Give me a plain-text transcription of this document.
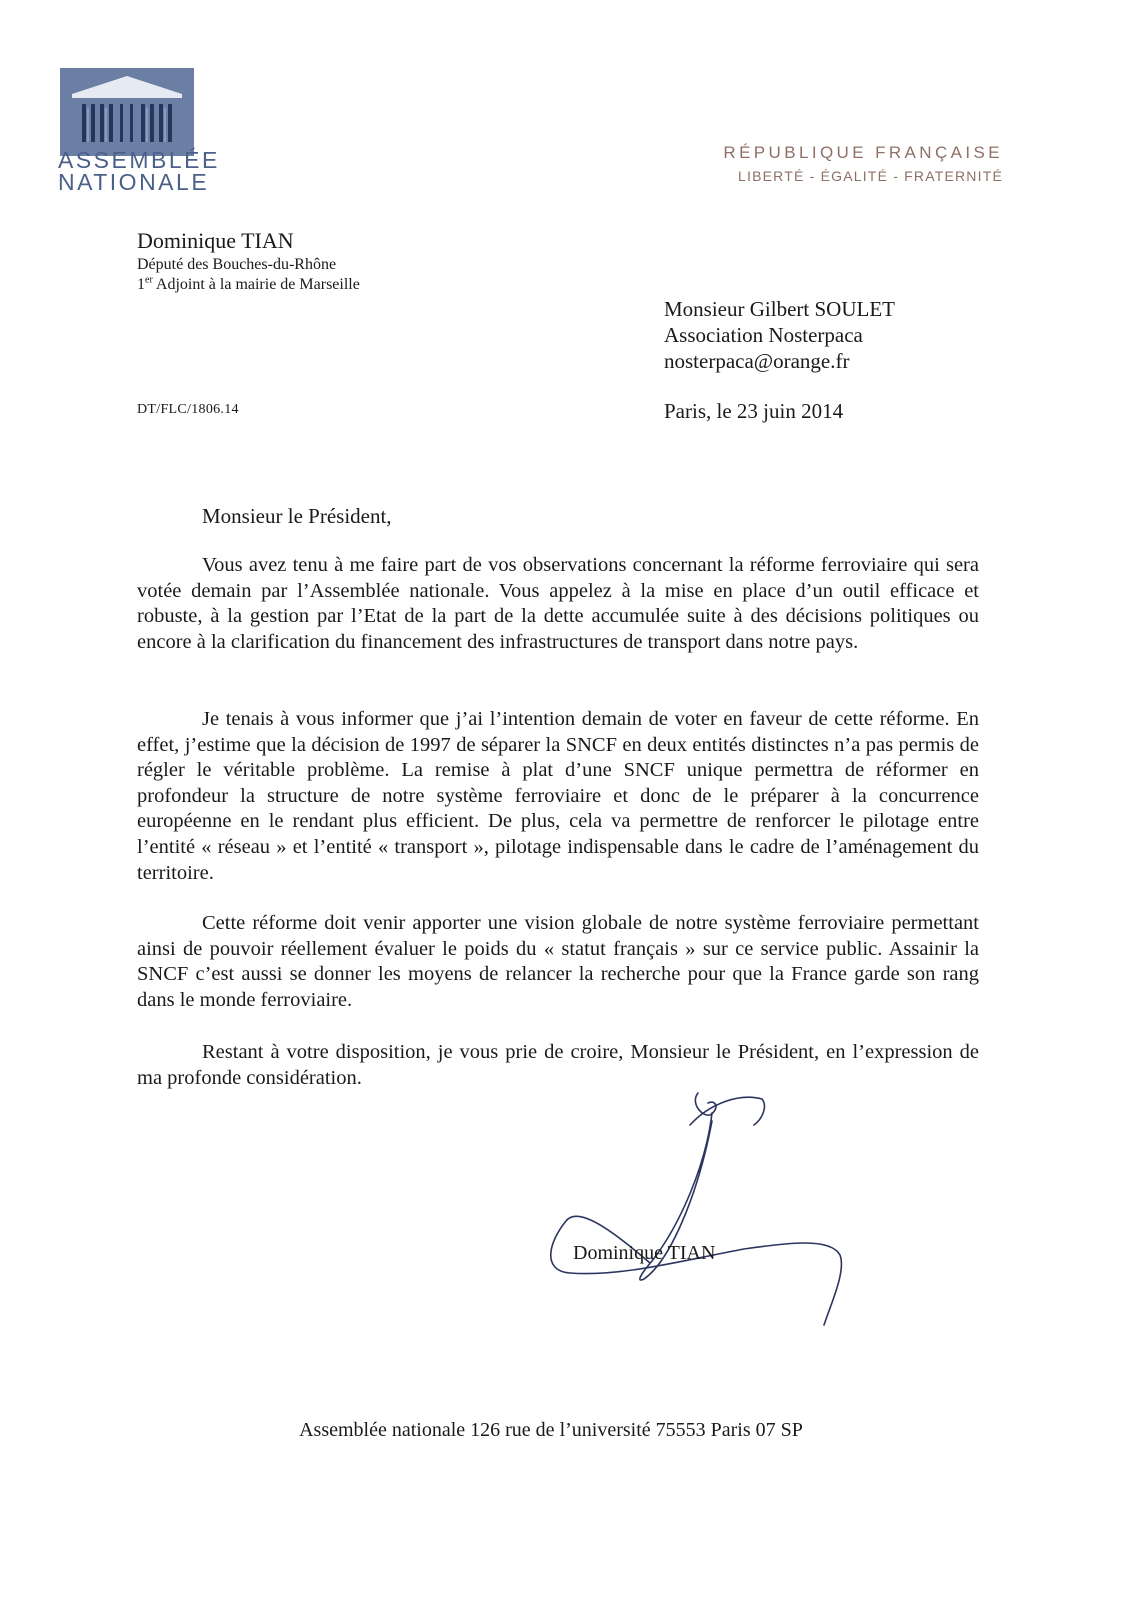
ASSEMBLÉE
NATIONALE
RÉPUBLIQUE FRANÇAISE
LIBERTÉ - ÉGALITÉ - FRATERNITÉ
Dominique TIAN
Député des Bouches-du-Rhône
1er Adjoint à la mairie de Marseille
Monsieur Gilbert SOULET
Association Nosterpaca
nosterpaca@orange.fr
DT/FLC/1806.14	Paris, le 23 juin 2014
Monsieur le Président,

Vous avez tenu à me faire part de vos observations concernant la réforme ferroviaire qui sera votée demain par l’Assemblée nationale. Vous appelez à la mise en place d’un outil efficace et robuste, à la gestion par l’Etat de la part de la dette accumulée suite à des décisions politiques ou encore à la clarification du financement des infrastructures de transport dans notre pays.

Je tenais à vous informer que j’ai l’intention demain de voter en faveur de cette réforme. En effet, j’estime que la décision de 1997 de séparer la SNCF en deux entités distinctes n’a pas permis de régler le véritable problème. La remise à plat d’une SNCF unique permettra de réformer en profondeur la structure de notre système ferroviaire et donc de le préparer à la concurrence européenne en le rendant plus efficient. De plus, cela va permettre de renforcer le pilotage entre l’entité « réseau » et l’entité « transport », pilotage indispensable dans le cadre de l’aménagement du territoire.

Cette réforme doit venir apporter une vision globale de notre système ferroviaire permettant ainsi de pouvoir réellement évaluer le poids du « statut français » sur ce service public. Assainir la SNCF c’est aussi se donner les moyens de relancer la recherche pour que la France garde son rang dans le monde ferroviaire.

Restant à votre disposition, je vous prie de croire, Monsieur le Président, en l’expression de ma profonde considération.

Dominique TIAN
Assemblée nationale 126 rue de l’université 75553 Paris 07 SP
